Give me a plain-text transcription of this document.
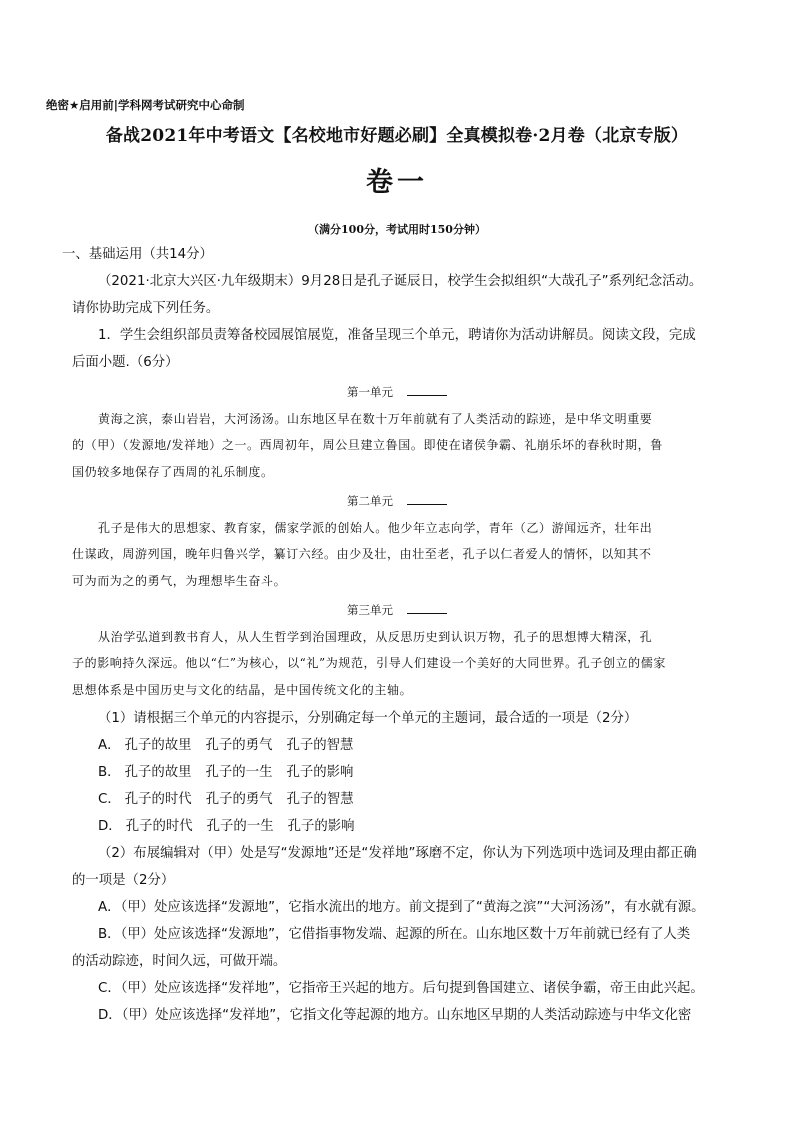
绝密★启用前|学科网考试研究中心命制
备战2021年中考语文【名校地市好题必刷】全真模拟卷·2月卷（北京专版）
卷一
（满分100分，考试用时150分钟）
一、基础运用（共14分）
（2021·北京大兴区·九年级期末）9月28日是孔子诞辰日，校学生会拟组织“大哉孔子”系列纪念活动。
请你协助完成下列任务。
1．学生会组织部员责筹备校园展馆展览，准备呈现三个单元，聘请你为活动讲解员。阅读文段，完成
后面小题.（6分）
第一单元
黄海之滨，泰山岩岩，大河汤汤。山东地区早在数十万年前就有了人类活动的踪迹，是中华文明重要
的（甲）（发源地/发祥地）之一。西周初年，周公旦建立鲁国。即使在诸侯争霸、礼崩乐坏的春秋时期，鲁
国仍较多地保存了西周的礼乐制度。
第二单元
孔子是伟大的思想家、教育家，儒家学派的创始人。他少年立志向学，青年（乙）游闻远齐，壮年出
仕谋政，周游列国，晚年归鲁兴学，纂订六经。由少及壮，由壮至老，孔子以仁者爱人的情怀，以知其不
可为而为之的勇气，为理想毕生奋斗。
第三单元
从治学弘道到教书育人，从人生哲学到治国理政，从反思历史到认识万物，孔子的思想博大精深，孔
子的影响持久深远。他以“仁”为核心，以“礼”为规范，引导人们建设一个美好的大同世界。孔子创立的儒家
思想体系是中国历史与文化的结晶，是中国传统文化的主轴。
（1）请根据三个单元的内容提示，分别确定每一个单元的主题词，最合适的一项是（2分）
A． 孔子的故里 孔子的勇气 孔子的智慧
B． 孔子的故里 孔子的一生 孔子的影响
C． 孔子的时代 孔子的勇气 孔子的智慧
D． 孔子的时代 孔子的一生 孔子的影响
（2）布展编辑对（甲）处是写“发源地”还是“发祥地”琢磨不定，你认为下列选项中选词及理由都正确
的一项是（2分）
A．（甲）处应该选择“发源地”，它指水流出的地方。前文提到了“黄海之滨”“大河汤汤”，有水就有源。
B．（甲）处应该选择“发源地”，它借指事物发端、起源的所在。山东地区数十万年前就已经有了人类
的活动踪迹，时间久远，可做开端。
C．（甲）处应该选择“发祥地”，它指帝王兴起的地方。后句提到鲁国建立、诸侯争霸，帝王由此兴起。
D．（甲）处应该选择“发祥地”，它指文化等起源的地方。山东地区早期的人类活动踪迹与中华文化密
